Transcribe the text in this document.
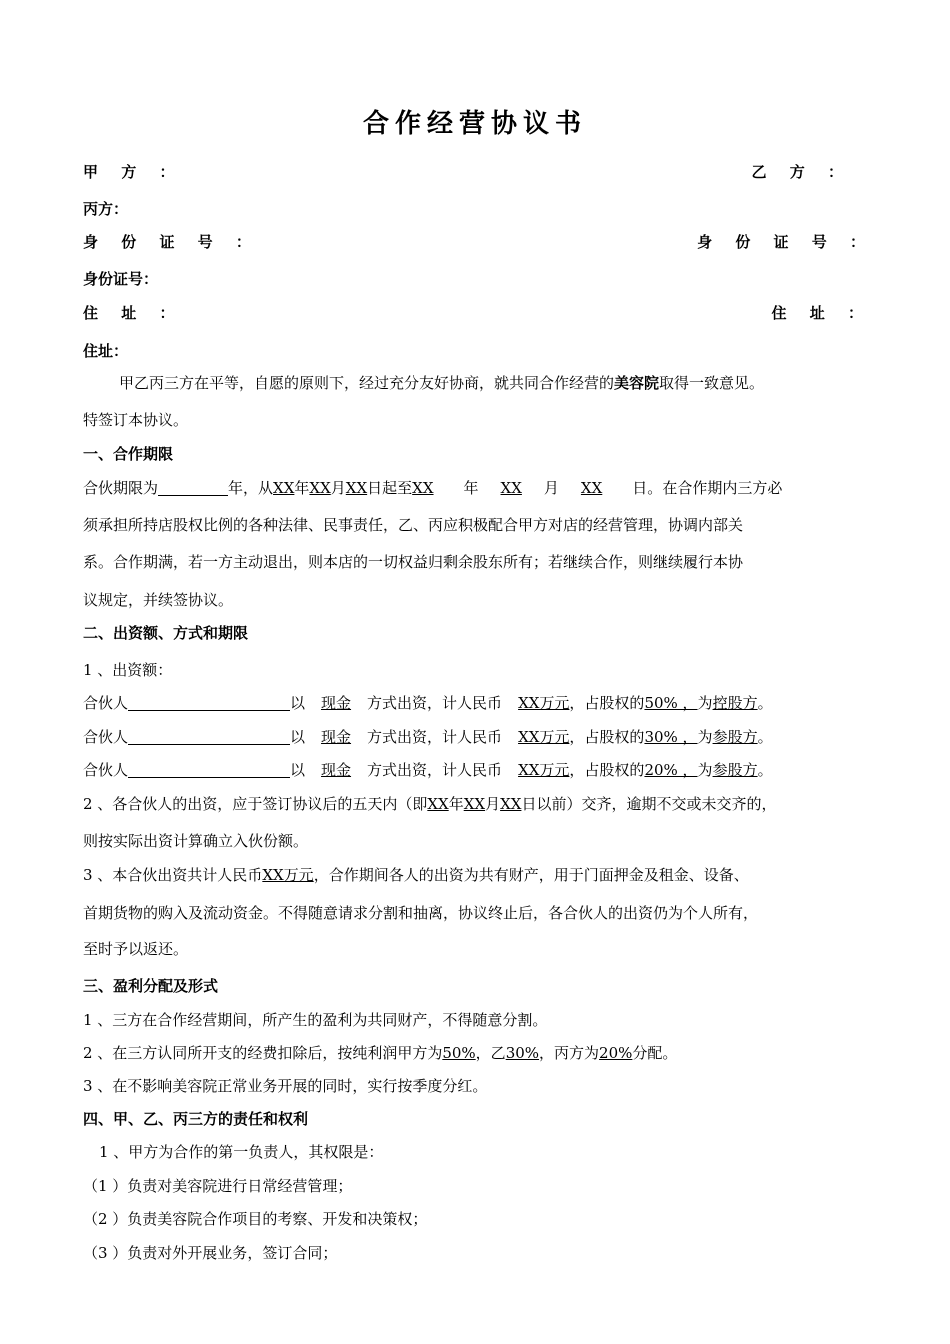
合作经营协议书
甲 方 ：	乙 方 ：
丙方：
身 份 证 号 ：	身 份 证 号 ：
身份证号：
住 址 ：	住 址 ：
住址：
甲乙丙三方在平等，自愿的原则下，经过充分友好协商，就共同合作经营的美容院取得一致意见。
特签订本协议。
一、合作期限
合伙期限为	年，从XX年XX月XX日起至XX 年 XX 月 XX 日。在合作期内三方必
须承担所持店股权比例的各种法律、民事责任，乙、丙应积极配合甲方对店的经营管理，协调内部关
系。合作期满，若一方主动退出，则本店的一切权益归剩余股东所有；若继续合作，则继续履行本协
议规定，并续签协议。
二、出资额、方式和期限
1 、出资额：
合伙人	以 现金 方式出资，计人民币 XX万元，占股权的50% ，为控股方。
合伙人	以 现金 方式出资，计人民币 XX万元，占股权的30% ，为参股方。
合伙人	以 现金 方式出资，计人民币 XX万元，占股权的20% ，为参股方。
2 、各合伙人的出资，应于签订协议后的五天内（即XX年XX月XX日以前）交齐，逾期不交或未交齐的，
则按实际出资计算确立入伙份额。
3 、本合伙出资共计人民币XX万元，合作期间各人的出资为共有财产，用于门面押金及租金、设备、
首期货物的购入及流动资金。不得随意请求分割和抽离，协议终止后，各合伙人的出资仍为个人所有，
至时予以返还。
三、盈利分配及形式
1 、三方在合作经营期间，所产生的盈利为共同财产，不得随意分割。
2 、在三方认同所开支的经费扣除后，按纯利润甲方为50%，乙30%，丙方为20%分配。
3 、在不影响美容院正常业务开展的同时，实行按季度分红。
四、甲、乙、丙三方的责任和权利
1 、甲方为合作的第一负责人，其权限是：
（1 ）负责对美容院进行日常经营管理；
（2 ）负责美容院合作项目的考察、开发和决策权；
（3 ）负责对外开展业务，签订合同；
